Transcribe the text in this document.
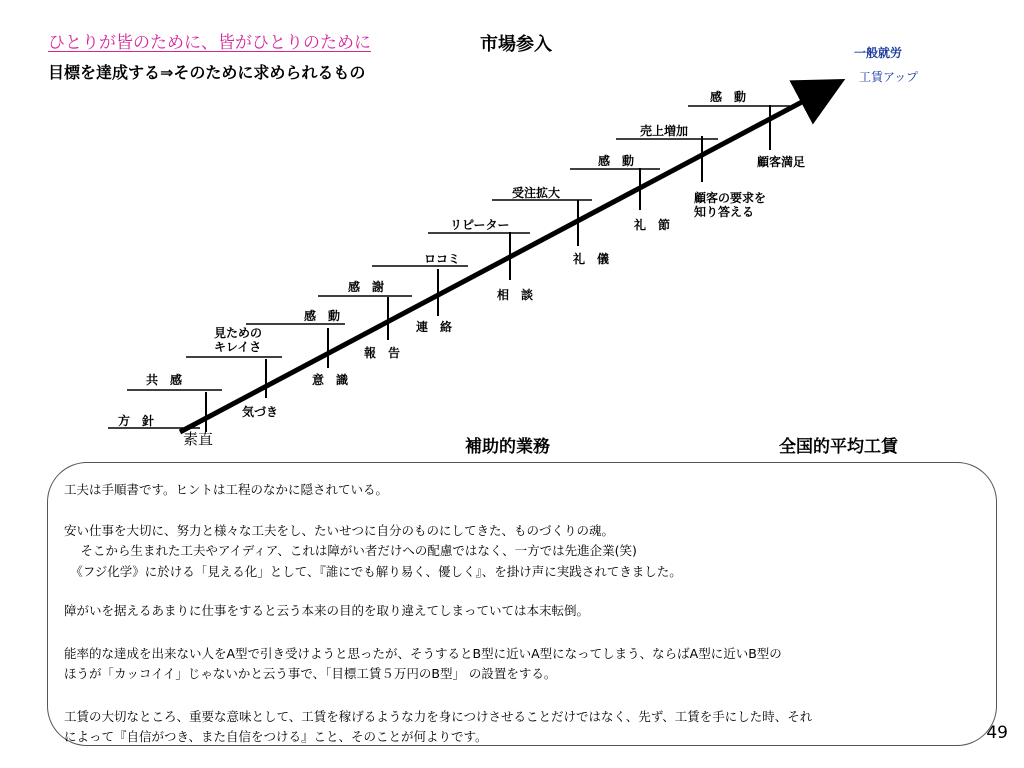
ひとりが皆のために、皆がひとりのために
目標を達成する⇒そのために求められるもの
市場参入	一般就労
工賃アップ
方　針
共　感
見ための
キレイさ
感　動
感　謝
ロコミ
リピーター
受注拡大
感　動
売上増加
感　動
素直
気づき
意　識
報　告
連　絡
相　談
礼　儀
礼　節
顧客の要求を
知り答える
顧客満足
補助的業務	全国的平均工賃
工夫は手順書です。ヒントは工程のなかに隠されている。
安い仕事を大切に、努力と様々な工夫をし、たいせつに自分のものにしてきた、ものづくりの魂。
　 そこから生まれた工夫やアイディア、これは障がい者だけへの配慮ではなく、一方では先進企業(笑)
　《フジ化学》に於ける「見える化」として、『誰にでも解り易く、優しく』、を掛け声に実践されてきました。
障がいを据えるあまりに仕事をすると云う本来の目的を取り違えてしまっていては本末転倒。
能率的な達成を出来ない人をA型で引き受けようと思ったが、そうするとB型に近いA型になってしまう、ならばA型に近いB型の
ほうが「カッコイイ」じゃないかと云う事で、「目標工賃５万円のB型」 の設置をする。
工賃の大切なところ、重要な意味として、工賃を稼げるような力を身につけさせることだけではなく、先ず、工賃を手にした時、それ
によって『自信がつき、また自信をつける』こと、そのことが何よりです。	49
